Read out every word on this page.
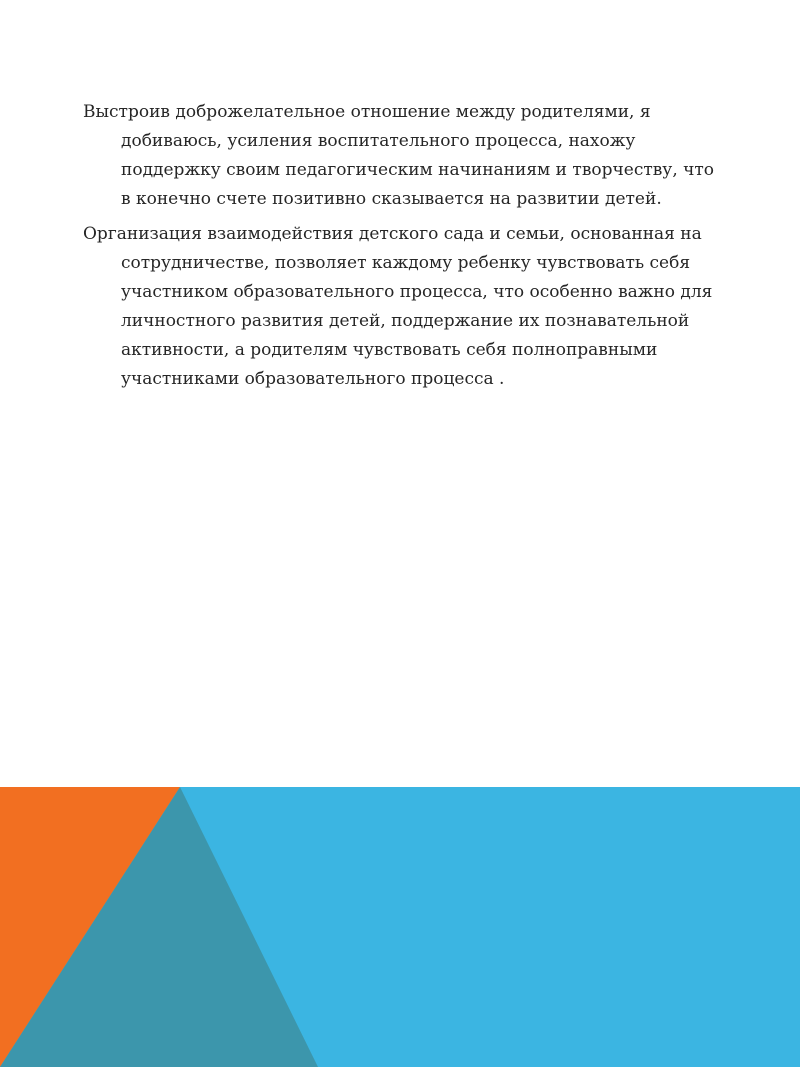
Выстроив доброжелательное отношение между родителями, я добиваюсь, усиления воспитательного процесса, нахожу поддержку своим педагогическим начинаниям и творчеству, что в конечно счете позитивно сказывается на развитии детей.

Организация взаимодействия детского сада и семьи, основанная на сотрудничестве, позволяет каждому ребенку чувствовать себя участником образовательного процесса, что особенно важно для личностного развития детей, поддержание их познавательной активности, а родителям чувствовать себя полноправными участниками образовательного процесса .
